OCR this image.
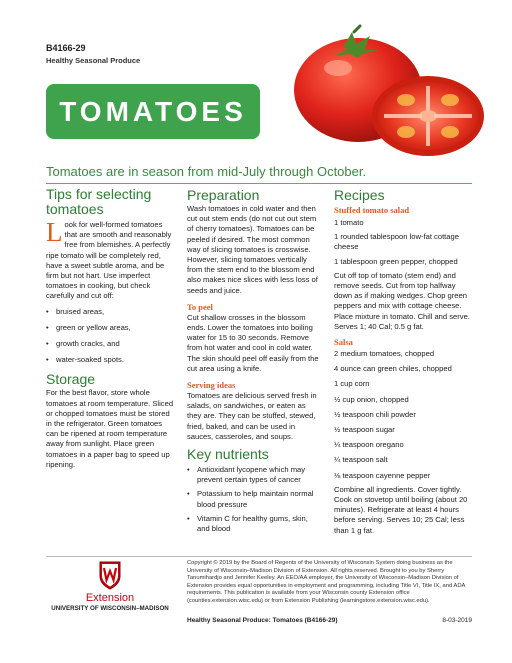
B4166-29
Healthy Seasonal Produce
TOMATOES
Tomatoes are in season from mid-July through October.
Tips for selecting
tomatoes
Look for well-formed tomatoes that are smooth and reasonably free from blemishes. A perfectly ripe tomato will be completely red, have a sweet subtle aroma, and be firm but not hart. Use imperfect tomatoes in cooking, but check carefully and cut off:
• bruised areas,
• green or yellow areas,
• growth cracks, and
• water-soaked spots.
Storage
For the best flavor, store whole tomatoes at room temperature. Sliced or chopped tomatoes must be stored in the refrigerator. Green tomatoes can be ripened at room temperature away from sunlight. Place green tomatoes in a paper bag to speed up ripening.
Preparation
Wash tomatoes in cold water and then cut out stem ends (do not cut out stem of cherry tomatoes). Tomatoes can be peeled if desired. The most common way of slicing tomatoes is crosswise. However, slicing tomatoes vertically from the stem end to the blossom end also makes nice slices with less loss of seeds and juice.
To peel
Cut shallow crosses in the blossom ends. Lower the tomatoes into boiling water for 15 to 30 seconds. Remove from hot water and cool in cold water. The skin should peel off easily from the cut area using a knife.
Serving ideas
Tomatoes are delicious served fresh in salads, on sandwiches, or eaten as they are. They can be stuffed, stewed, fried, baked, and can be used in sauces, casseroles, and soups.
Key nutrients
• Antioxidant lycopene which may prevent certain types of cancer
• Potassium to help maintain normal blood pressure
• Vitamin C for healthy gums, skin, and blood
Recipes
Stuffed tomato salad

1 tomato

1 rounded tablespoon low-fat cottage cheese

1 tablespoon green pepper, chopped

Cut off top of tomato (stem end) and remove seeds. Cut from top halfway down as if making wedges. Chop green peppers and mix with cottage cheese. Place mixture in tomato. Chill and serve. Serves 1; 40 Cal; 0.5 g fat.
Salsa

2 medium tomatoes, chopped

4 ounce can green chiles, chopped

1 cup corn

½ cup onion, chopped

½ teaspoon chili powder

½ teaspoon sugar

¼ teaspoon oregano

¼ teaspoon salt

⅛ teaspoon cayenne pepper

Combine all ingredients. Cover tightly. Cook on stovetop until boiling (about 20 minutes). Refrigerate at least 4 hours before serving. Serves 10; 25 Cal; less than 1 g fat.
Extension
UNIVERSITY OF WISCONSIN–MADISON
Copyright © 2019 by the Board of Regents of the University of Wisconsin System doing business as the University of Wisconsin–Madison Division of Extension. All rights reserved. Brought to you by Sherry Tanumihardjo and Jennifer Keeley. An EEO/AA employer, the University of Wisconsin–Madison Division of Extension provides equal opportunities in employment and programming, including Title VI, Title IX, and ADA requirements. This publication is available from your Wisconsin county Extension office (counties.extension.wisc.edu) or from Extension Publishing (learningstore.extension.wisc.edu).
Healthy Seasonal Produce: Tomatoes (B4166-29)	8-03-2019
